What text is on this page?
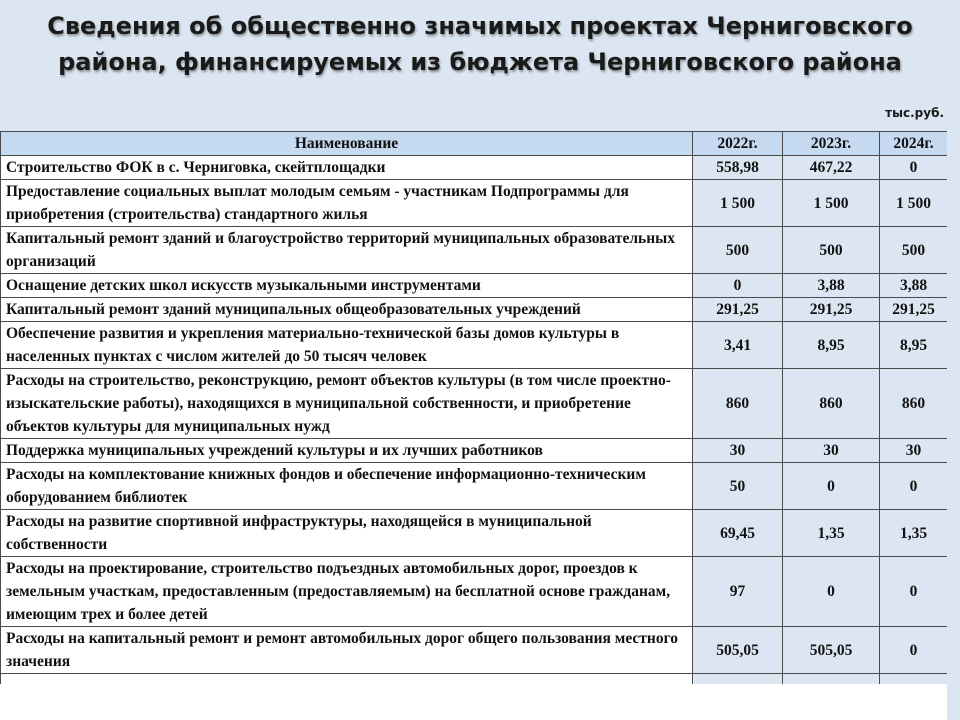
Сведения об общественно значимых проектах Черниговского
района, финансируемых из бюджета Черниговского района
тыс.руб.
Наименование	2022г.	2023г.	2024г.
Строительство ФОК в с. Черниговка, скейтплощадки	558,98	467,22	0
Предоставление социальных выплат молодым семьям - участникам Подпрограммы для приобретения (строительства) стандартного жилья	1 500	1 500	1 500
Капитальный ремонт зданий и благоустройство территорий муниципальных образовательных организаций	500	500	500
Оснащение детских школ искусств музыкальными инструментами	0	3,88	3,88
Капитальный ремонт зданий муниципальных общеобразовательных учреждений	291,25	291,25	291,25
Обеспечение развития и укрепления материально-технической базы домов культуры в населенных пунктах с числом жителей до 50 тысяч человек	3,41	8,95	8,95
Расходы на строительство, реконструкцию, ремонт объектов культуры (в том числе проектно-изыскательские работы), находящихся в муниципальной собственности, и приобретение объектов культуры для муниципальных нужд	860	860	860
Поддержка муниципальных учреждений культуры и их лучших работников	30	30	30
Расходы на комплектование книжных фондов и обеспечение информационно-техническим оборудованием библиотек	50	0	0
Расходы на развитие спортивной инфраструктуры, находящейся в муниципальной собственности	69,45	1,35	1,35
Расходы на проектирование, строительство подъездных автомобильных дорог, проездов к земельным участкам, предоставленным (предоставляемым) на бесплатной основе гражданам, имеющим трех и более детей	97	0	0
Расходы на капитальный ремонт и ремонт автомобильных дорог общего пользования местного значения	505,05	505,05	0
